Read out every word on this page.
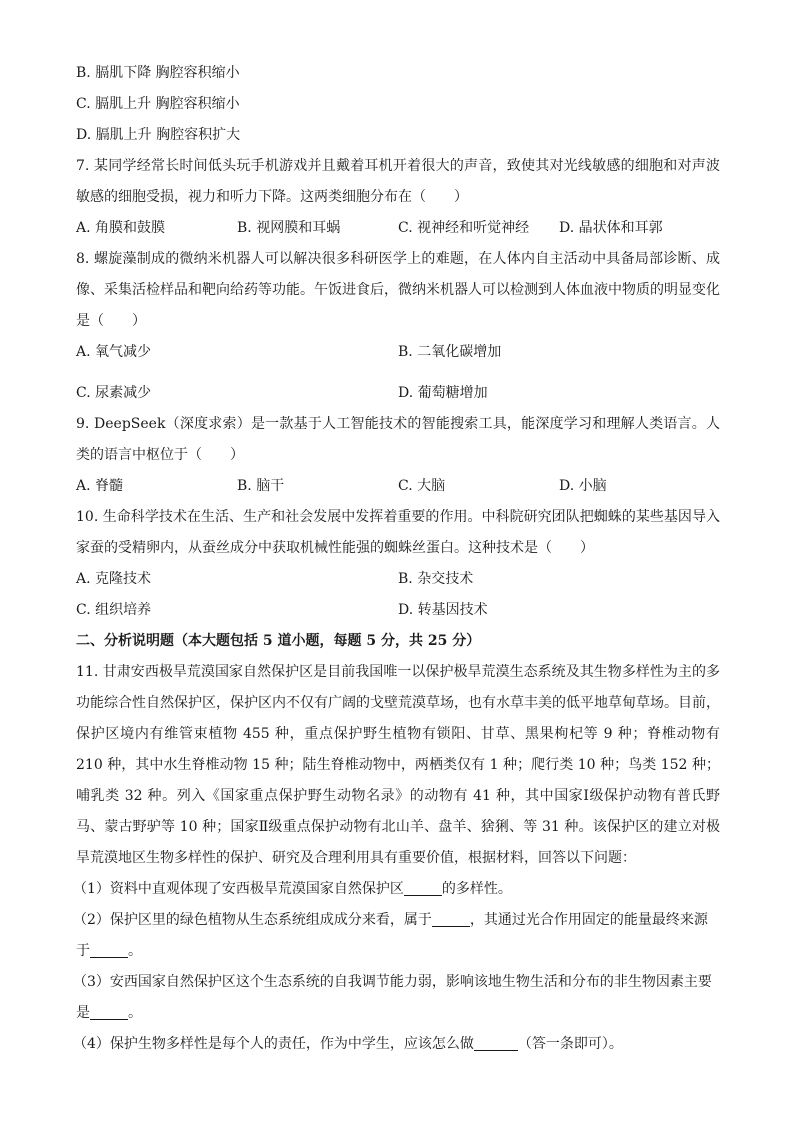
B. 膈肌下降 胸腔容积缩小
C. 膈肌上升 胸腔容积缩小
D. 膈肌上升 胸腔容积扩大
7. 某同学经常长时间低头玩手机游戏并且戴着耳机开着很大的声音，致使其对光线敏感的细胞和对声波敏感的细胞受损，视力和听力下降。这两类细胞分布在（　　）
A. 角膜和鼓膜	B. 视网膜和耳蜗	C. 视神经和听觉神经	D. 晶状体和耳郭
8. 螺旋藻制成的微纳米机器人可以解决很多科研医学上的难题，在人体内自主活动中具备局部诊断、成像、采集活检样品和靶向给药等功能。午饭进食后，微纳米机器人可以检测到人体血液中物质的明显变化是（　　）
A. 氧气减少	B. 二氧化碳增加
C. 尿素减少	D. 葡萄糖增加
9. DeepSeek（深度求索）是一款基于人工智能技术的智能搜索工具，能深度学习和理解人类语言。人类的语言中枢位于（　　）
A. 脊髓	B. 脑干	C. 大脑	D. 小脑
10. 生命科学技术在生活、生产和社会发展中发挥着重要的作用。中科院研究团队把蜘蛛的某些基因导入家蚕的受精卵内，从蚕丝成分中获取机械性能强的蜘蛛丝蛋白。这种技术是（　　）
A. 克隆技术	B. 杂交技术
C. 组织培养	D. 转基因技术
二、分析说明题（本大题包括 5 道小题，每题 5 分，共 25 分）
11. 甘肃安西极旱荒漠国家自然保护区是目前我国唯一以保护极旱荒漠生态系统及其生物多样性为主的多功能综合性自然保护区，保护区内不仅有广阔的戈壁荒漠草场，也有水草丰美的低平地草甸草场。目前，保护区境内有维管束植物 455 种，重点保护野生植物有锁阳、甘草、黑果枸杞等 9 种；脊椎动物有 210 种，其中水生脊椎动物 15 种；陆生脊椎动物中，两栖类仅有 1 种；爬行类 10 种；鸟类 152 种；哺乳类 32 种。列入《国家重点保护野生动物名录》的动物有 41 种，其中国家Ⅰ级保护动物有普氏野马、蒙古野驴等 10 种；国家Ⅱ级重点保护动物有北山羊、盘羊、猞猁、等 31 种。该保护区的建立对极旱荒漠地区生物多样性的保护、研究及合理利用具有重要价值，根据材料，回答以下问题：
（1）资料中直观体现了安西极旱荒漠国家自然保护区	的多样性。
（2）保护区里的绿色植物从生态系统组成成分来看，属于	，其通过光合作用固定的能量最终来源于	。
（3）安西国家自然保护区这个生态系统的自我调节能力弱，影响该地生物生活和分布的非生物因素主要是	。
（4）保护生物多样性是每个人的责任，作为中学生，应该怎么做	（答一条即可）。
